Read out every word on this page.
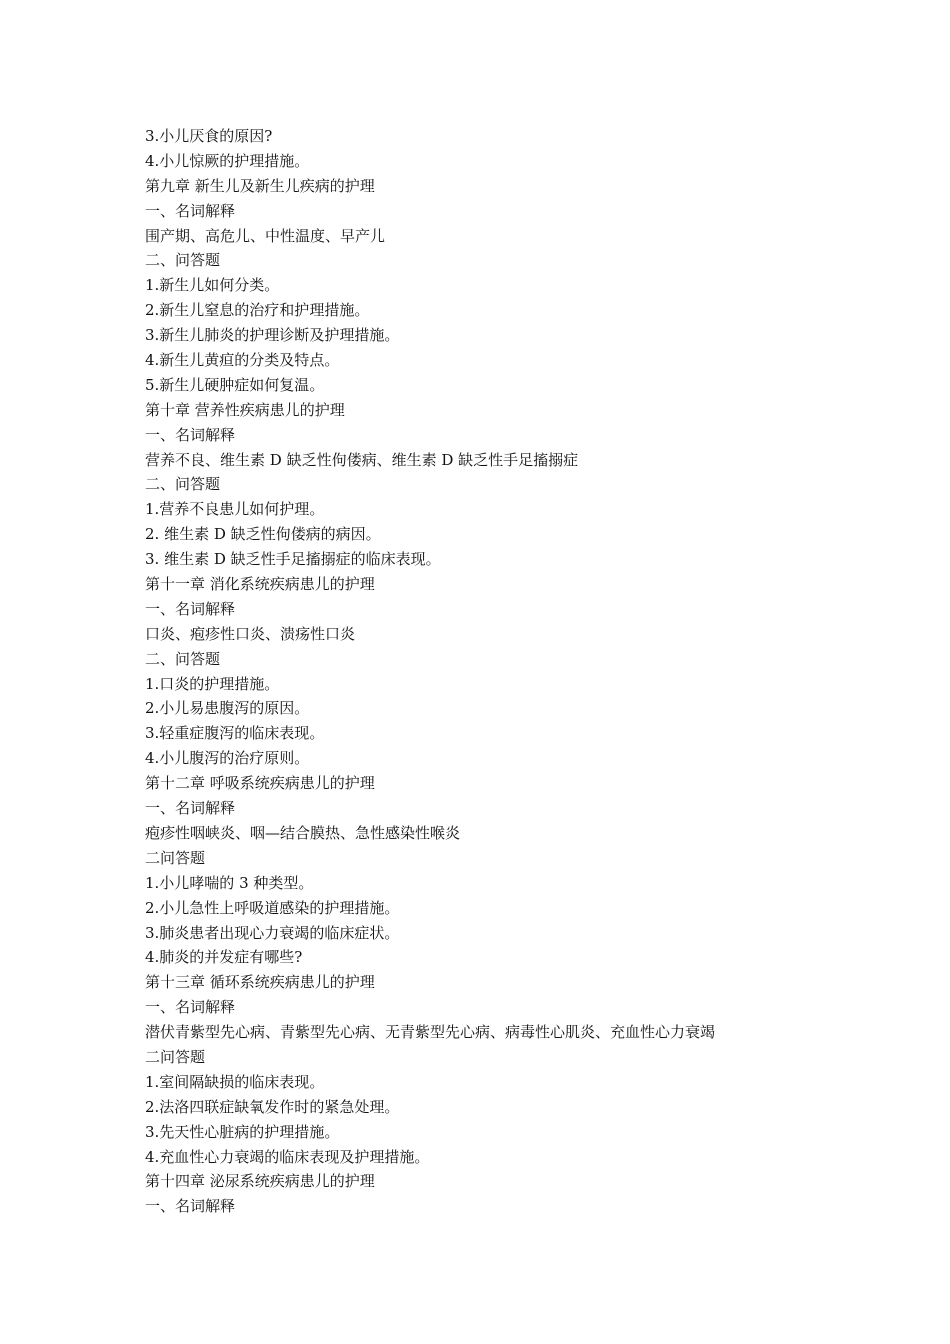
3.小儿厌食的原因?
4.小儿惊厥的护理措施。
第九章 新生儿及新生儿疾病的护理
一、名词解释
围产期、高危儿、中性温度、早产儿
二、问答题
1.新生儿如何分类。
2.新生儿窒息的治疗和护理措施。
3.新生儿肺炎的护理诊断及护理措施。
4.新生儿黄疸的分类及特点。
5.新生儿硬肿症如何复温。
第十章 营养性疾病患儿的护理
一、名词解释
营养不良、维生素 D 缺乏性佝偻病、维生素 D 缺乏性手足搐搦症
二、问答题
1.营养不良患儿如何护理。
2. 维生素 D 缺乏性佝偻病的病因。
3. 维生素 D 缺乏性手足搐搦症的临床表现。
第十一章 消化系统疾病患儿的护理
一、名词解释
口炎、疱疹性口炎、溃疡性口炎
二、问答题
1.口炎的护理措施。
2.小儿易患腹泻的原因。
3.轻重症腹泻的临床表现。
4.小儿腹泻的治疗原则。
第十二章 呼吸系统疾病患儿的护理
一、名词解释
疱疹性咽峡炎、咽—结合膜热、急性感染性喉炎
二问答题
1.小儿哮喘的 3 种类型。
2.小儿急性上呼吸道感染的护理措施。
3.肺炎患者出现心力衰竭的临床症状。
4.肺炎的并发症有哪些?
第十三章 循环系统疾病患儿的护理
一、名词解释
潜伏青紫型先心病、青紫型先心病、无青紫型先心病、病毒性心肌炎、充血性心力衰竭
二问答题
1.室间隔缺损的临床表现。
2.法洛四联症缺氧发作时的紧急处理。
3.先天性心脏病的护理措施。
4.充血性心力衰竭的临床表现及护理措施。
第十四章 泌尿系统疾病患儿的护理
一、名词解释
